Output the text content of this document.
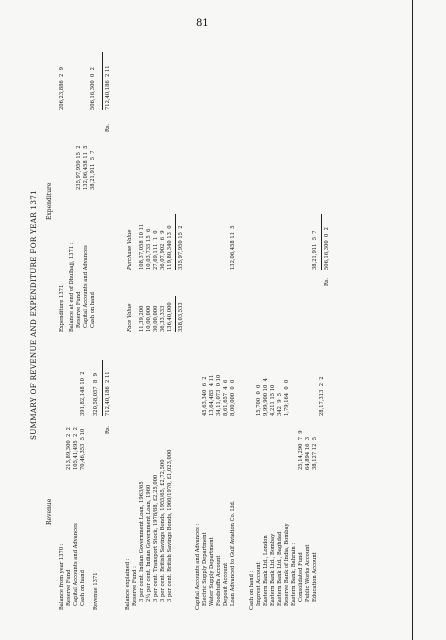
81

SUMMARY OF REVENUE AND EXPENDITURE FOR YEAR 1371

Revenue

Balance from year 1370 :

Reserve Fund

213,89,300  2  2

Capital Accounts and Advances

105,41,495  2  2

Cash on hand

70,46,353  5 10

391,82,148 10  2

Revenue 1371

320,58,057  8  9

Rs.

712,40,186  2 11

Expenditure

Expenditure 1371

206,23,886  2  9

Balance at end of Dhulhajj, 1371 :

Reserve Fund

235,97,950 15  2

Capital Accounts and Advances

132,06,458 11  5

Cash on hand

38,21,911  5  7

506,16,300  0  2

Rs.

712,40,186  2 11

Balance explained :

Reserve Fund :

Face Value

Purchase Value

3 per cent. Indian Government Loan, 1963/65

11,39,200

108,37,058 10 11

2¾ per cent. Indian Government Loan, 1960

10,00,000

10,03,735 15  6

3 per cent. Transport Stock, 1978/88, £2,25,000

30,00,000

27,69,111  1  0

3 per cent. British Savings Bonds, 1955/65, £2,72,500

36,33,333

36,07,902  6  9

3 per cent. British Savings Bonds, 1960/1970, £1,023,000

136,40,000

119,80,340 13  0

358,03,533

335,97,950 15  2

Capital Accounts and Advances :

Electric Supply Department

45,63,340  6  2

Water Supply Department

13,64,485  4 11

Foodstuffs Account

34,11,073  0 10

Deposit Account

8,61,657  4  6

Loan Advanced to Gulf Aviation Co. Ltd.

8,00,000  0  0

132,06,458 11  5

Cash on hand :

Imprest Account

15,700  0  0

Eastern Bank Ltd., London

9,99,900 10  4

Eastern Bank Ltd., Bombay

4,211 15 10

Eastern Bank Ltd., Baghdad

342  9  5

Reserve Bank of India, Bombay

1,79,164  0  0

Eastern Bank, Bahrain :

Consolidated Fund

25,14,290  7  9

Public Works Account

64,894 16  3

Education Account

38,127 12  5

28,17,313  2  2

38,21,911  5  7

Rs.

506,16,300  0  2
